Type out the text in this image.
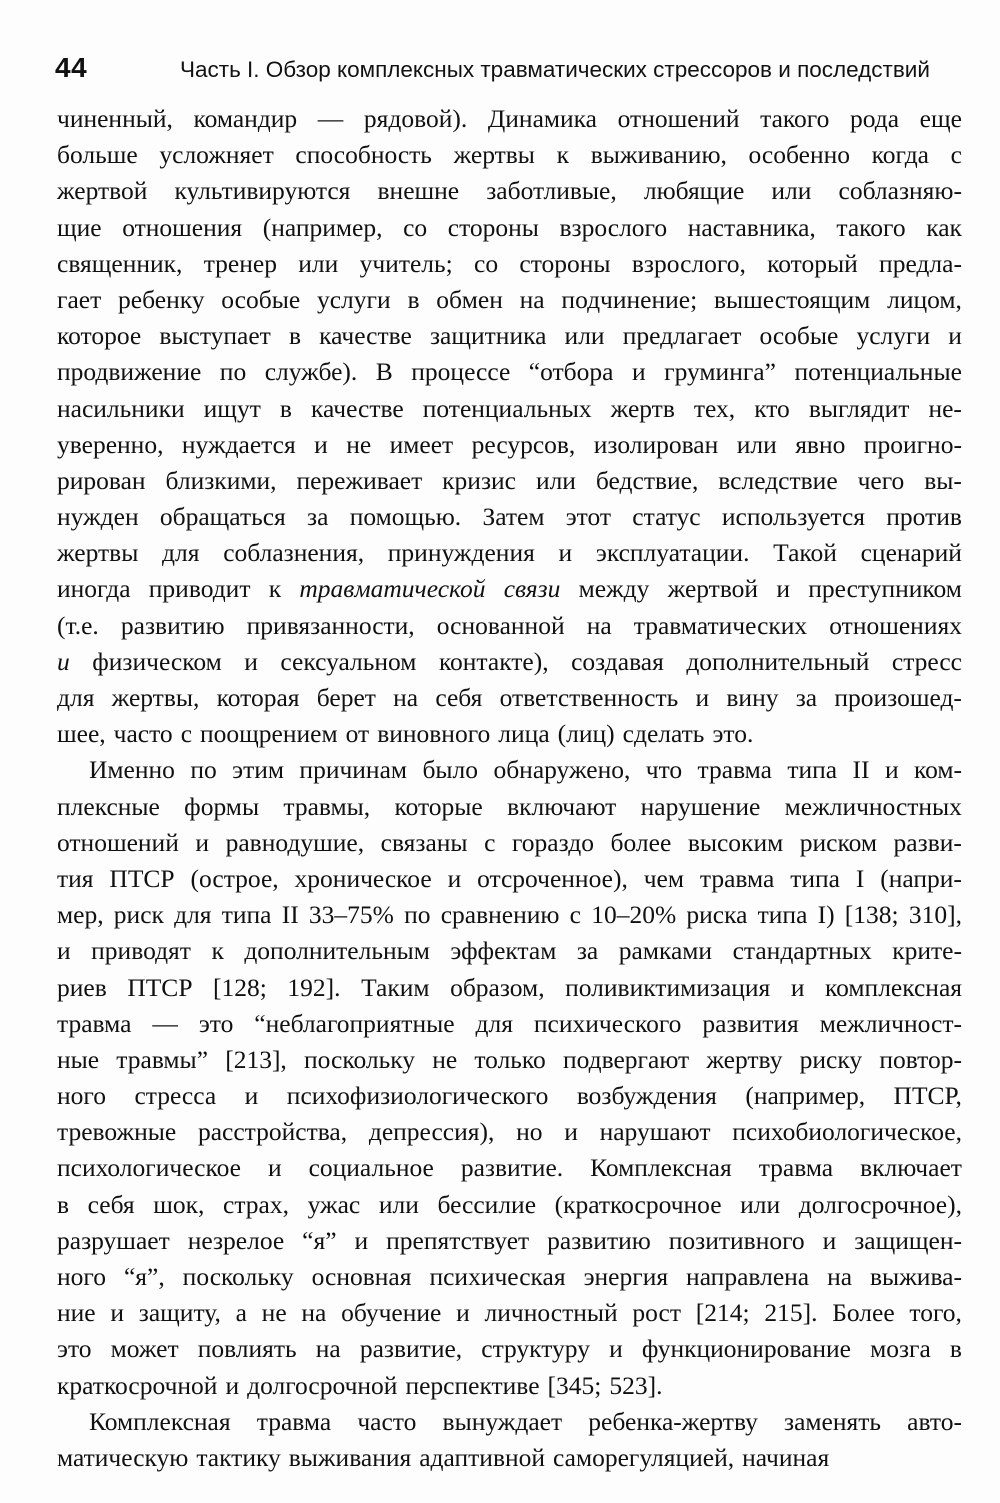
44	Часть I. Обзор комплексных травматических стрессоров и последствий
чиненный, командир — рядовой). Динамика отношений такого рода еще
больше усложняет способность жертвы к выживанию, особенно когда с
жертвой культивируются внешне заботливые, любящие или соблазняю-
щие отношения (например, со стороны взрослого наставника, такого как
священник, тренер или учитель; со стороны взрослого, который предла-
гает ребенку особые услуги в обмен на подчинение; вышестоящим лицом,
которое выступает в качестве защитника или предлагает особые услуги и
продвижение по службе). В процессе “отбора и груминга” потенциальные
насильники ищут в качестве потенциальных жертв тех, кто выглядит не-
уверенно, нуждается и не имеет ресурсов, изолирован или явно проигно-
рирован близкими, переживает кризис или бедствие, вследствие чего вы-
нужден обращаться за помощью. Затем этот статус используется против
жертвы для соблазнения, принуждения и эксплуатации. Такой сценарий
иногда приводит к травматической связи между жертвой и преступником
(т.е. развитию привязанности, основанной на травматических отношениях
и физическом и сексуальном контакте), создавая дополнительный стресс
для жертвы, которая берет на себя ответственность и вину за произошед-
шее, часто с поощрением от виновного лица (лиц) сделать это.
Именно по этим причинам было обнаружено, что травма типа II и ком-
плексные формы травмы, которые включают нарушение межличностных
отношений и равнодушие, связаны с гораздо более высоким риском разви-
тия ПТСР (острое, хроническое и отсроченное), чем травма типа I (напри-
мер, риск для типа II 33–75% по сравнению с 10–20% риска типа I) [138; 310],
и приводят к дополнительным эффектам за рамками стандартных крите-
риев ПТСР [128; 192]. Таким образом, поливиктимизация и комплексная
травма — это “неблагоприятные для психического развития межличност-
ные травмы” [213], поскольку не только подвергают жертву риску повтор-
ного стресса и психофизиологического возбуждения (например, ПТСР,
тревожные расстройства, депрессия), но и нарушают психобиологическое,
психологическое и социальное развитие. Комплексная травма включает
в себя шок, страх, ужас или бессилие (краткосрочное или долгосрочное),
разрушает незрелое “я” и препятствует развитию позитивного и защищен-
ного “я”, поскольку основная психическая энергия направлена на выжива-
ние и защиту, а не на обучение и личностный рост [214; 215]. Более того,
это может повлиять на развитие, структуру и функционирование мозга в
краткосрочной и долгосрочной перспективе [345; 523].
Комплексная травма часто вынуждает ребенка-жертву заменять авто-
матическую тактику выживания адаптивной саморегуляцией, начиная
